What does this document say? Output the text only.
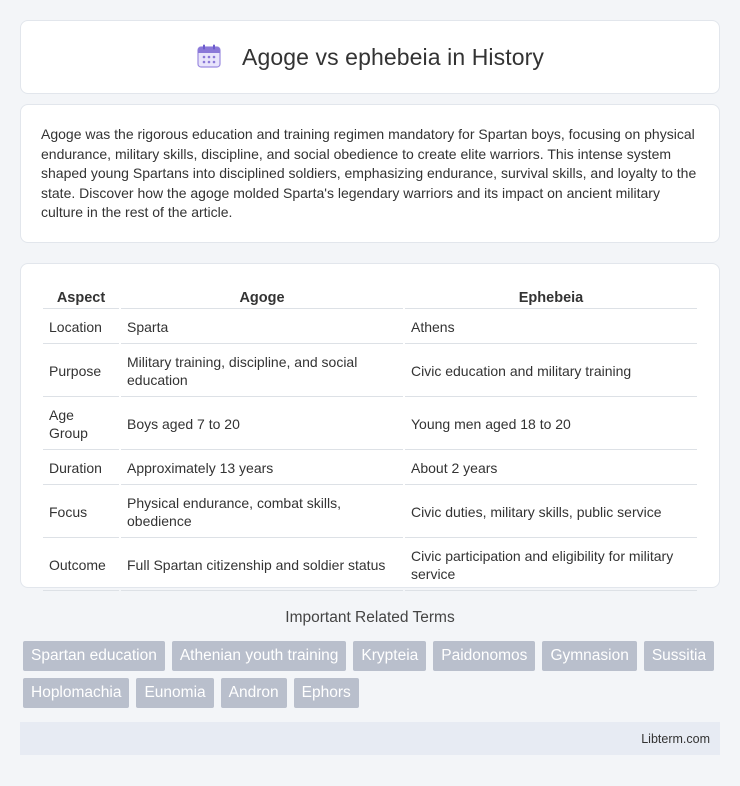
Agoge vs ephebeia in History

Agoge was the rigorous education and training regimen mandatory for Spartan boys, focusing on physical endurance, military skills, discipline, and social obedience to create elite warriors. This intense system shaped young Spartans into disciplined soldiers, emphasizing endurance, survival skills, and loyalty to the state. Discover how the agoge molded Sparta's legendary warriors and its impact on ancient military culture in the rest of the article.

Aspect	Agoge	Ephebeia
Location	Sparta	Athens
Purpose	Military training, discipline, and social education	Civic education and military training
Age Group	Boys aged 7 to 20	Young men aged 18 to 20
Duration	Approximately 13 years	About 2 years
Focus	Physical endurance, combat skills, obedience	Civic duties, military skills, public service
Outcome	Full Spartan citizenship and soldier status	Civic participation and eligibility for military service
Important Related Terms
Spartan education	Athenian youth training	Krypteia	Paidonomos	Gymnasion	Sussitia
Hoplomachia	Eunomia	Andron	Ephors
Libterm.com
